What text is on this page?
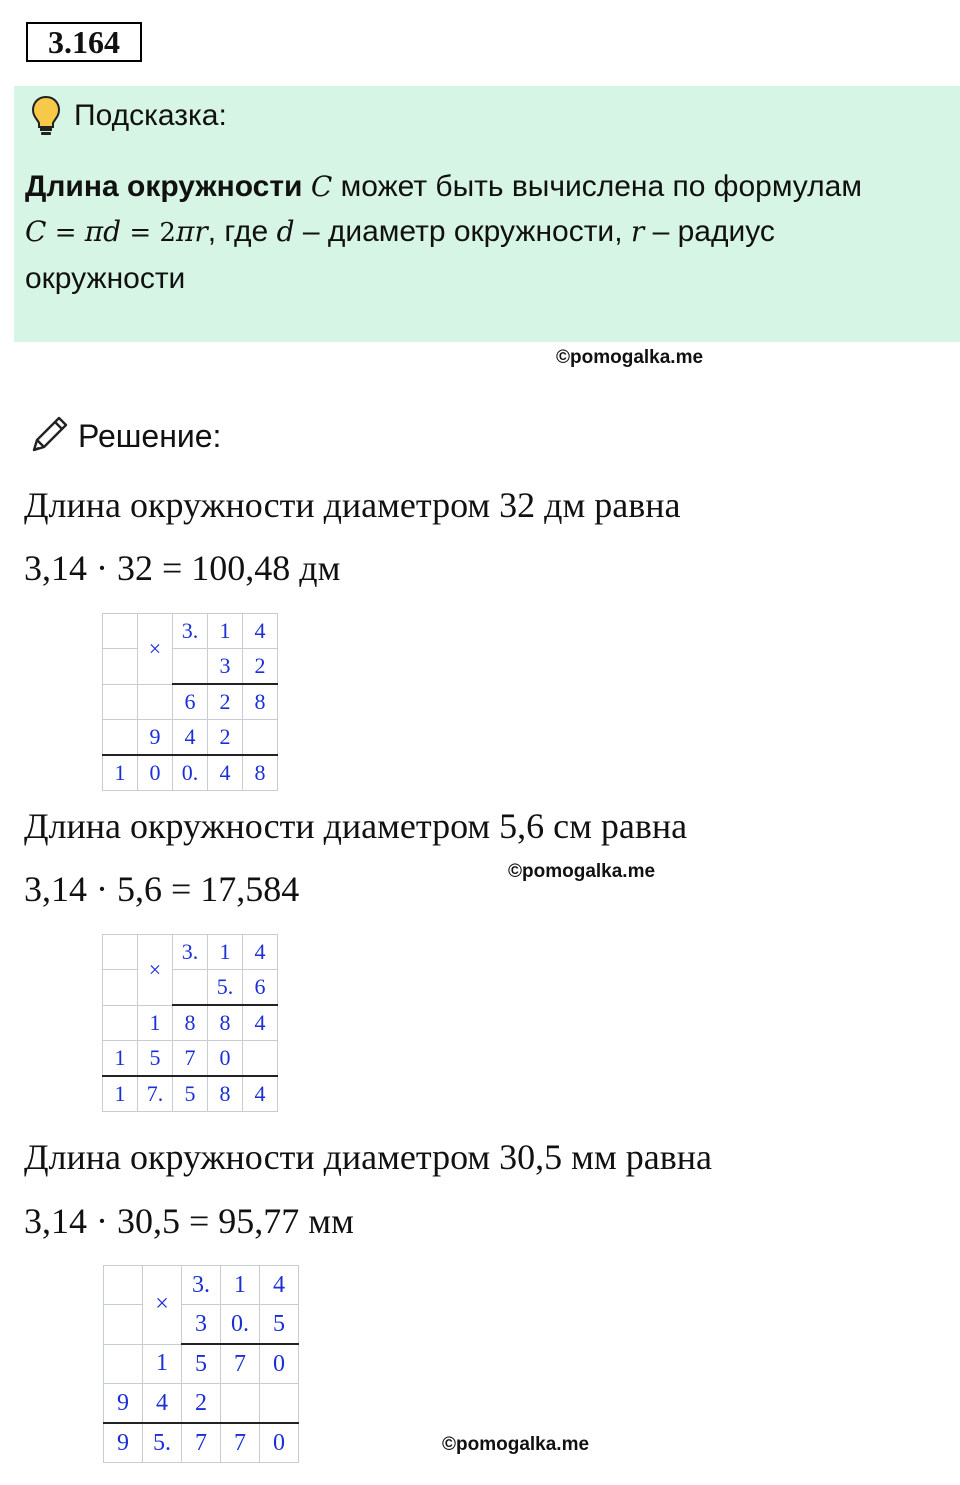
3.164
Подсказка:
Длина окружности C может быть вычислена по формулам
C = πd = 2πr, где d – диаметр окружности, r – радиус
окружности
©pomogalka.me
Решение:
Длина окружности диаметром 32 дм равна
3,14 · 32 = 100,48 дм
	×	3.	1	4
			3	2
		6	2	8
	9	4	2	
1	0	0.	4	8
Длина окружности диаметром 5,6 см равна
©pomogalka.me
3,14 · 5,6 = 17,584
	×	3.	1	4
			5.	6
	1	8	8	4
1	5	7	0	
1	7.	5	8	4
Длина окружности диаметром 30,5 мм равна
3,14 · 30,5 = 95,77 мм
	×	3.	1	4
		3	0.	5
	1	5	7	0
9	4	2		
9	5.	7	7	0	©pomogalka.me
